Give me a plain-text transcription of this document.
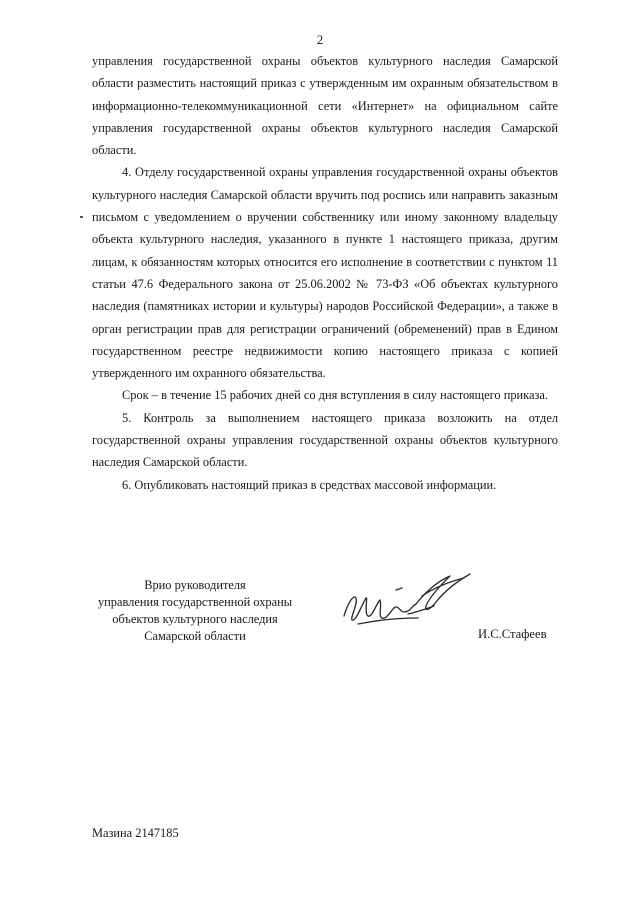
2

управления государственной охраны объектов культурного наследия Самарской области разместить настоящий приказ с утвержденным им охранным обязательством в информационно-телекоммуникационной сети «Интернет» на официальном сайте управления государственной охраны объектов культурного наследия Самарской области.

4. Отделу государственной охраны управления государственной охраны объектов культурного наследия Самарской области вручить под роспись или направить заказным письмом с уведомлением о вручении собственнику или иному законному владельцу объекта культурного наследия, указанного в пункте 1 настоящего приказа, другим лицам, к обязанностям которых относится его исполнение в соответствии с пунктом 11 статьи 47.6 Федерального закона от 25.06.2002 № 73-ФЗ «Об объектах культурного наследия (памятниках истории и культуры) народов Российской Федерации», а также в орган регистрации прав для регистрации ограничений (обременений) прав в Едином государственном реестре недвижимости копию настоящего приказа с копией утвержденного им охранного обязательства.

Срок – в течение 15 рабочих дней со дня вступления в силу настоящего приказа.

5. Контроль за выполнением настоящего приказа возложить на отдел государственной охраны управления государственной охраны объектов культурного наследия Самарской области.

6. Опубликовать настоящий приказ в средствах массовой информации.

Врио руководителя
управления государственной охраны
объектов культурного наследия
Самарской области	И.С.Стафеев
Мазина 2147185
